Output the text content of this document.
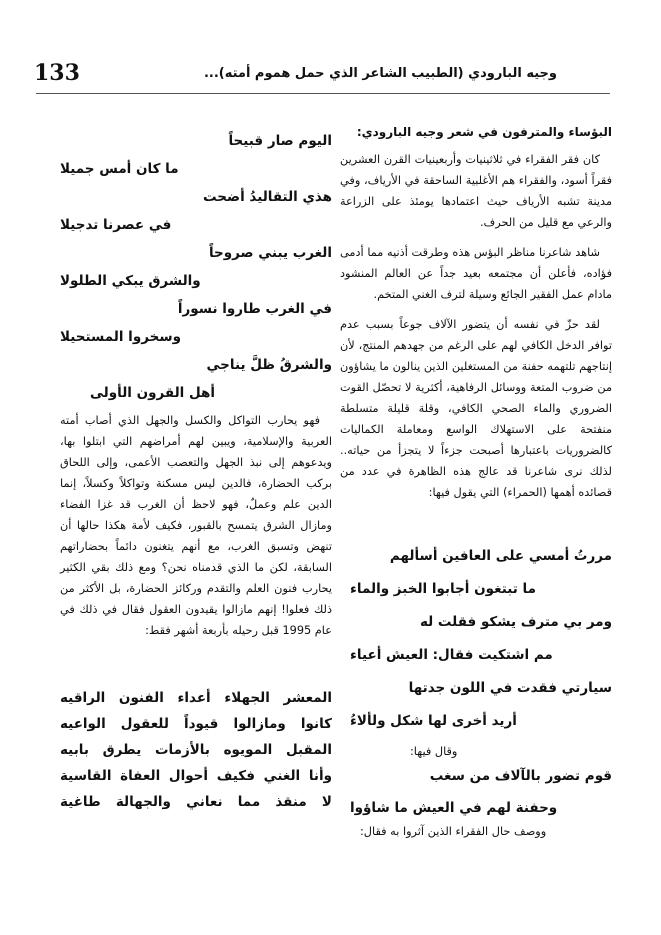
133	وجيه البارودي (الطبيب الشاعر الذي حمل هموم أمته)...
البؤساء والمترفون في شعر وجيه البارودي:

كان فقر الفقراء في ثلاثينيات وأربعينيات القرن العشرين فقراً أسود، والفقراء هم الأغلبية الساحقة في الأرياف، وفي مدينة تشبه الأرياف حيث اعتمادها يومئذ على الزراعة والرعي مع قليل من الحرف.

شاهد شاعرنا مناظر البؤس هذه وطرقت أذنيه مما أدمى فؤاده، فأعلن أن مجتمعه بعيد جداً عن العالم المنشود مادام عمل الفقير الجائع وسيلة لترف الغني المتخم.

لقد حزّ في نفسه أن يتضور الآلاف جوعاً بسبب عدم توافر الدخل الكافي لهم على الرغم من جهدهم المنتج، لأن إنتاجهم تلتهمه حفنة من المستغلين الذين ينالون ما يشاؤون من ضروب المتعة ووسائل الرفاهية، أكثرية لا تحصّل القوت الضروري والماء الصحي الكافي، وقلة قليلة متسلطة منفتحة على الاستهلاك الواسع ومعاملة الكماليات كالضروريات باعتبارها أصبحت جزءاً لا يتجزأ من حياته.. لذلك نرى شاعرنا قد عالج هذه الظاهرة في عدد من قصائده أهمها (الحمراء) التي يقول فيها:

مررتُ أمسي على العافين أسألهم
ما تبتغون أجابوا الخبز والماء
ومر بي مترف يشكو فقلت له
مم اشتكيت فقال: العيش أعياء
سيارتي فقدت في اللون جدتها
أريد أخرى لها شكل ولألاءُ
وقال فيها:
قوم تضور بالآلاف من سغب
وحفنة لهم في العيش ما شاؤوا
ووصف حال الفقراء الذين آثروا به فقال:
اليوم صار قبيحاً
ما كان أمس جميلا
هذي التقاليدُ أضحت
في عصرنا تدجيلا
الغرب يبني صروحاً
والشرق يبكي الطلولا
في الغرب طاروا نسوراً
وسخروا المستحيلا
والشرقُ ظلَّ يناجي
أهل القرون الأولى

فهو يحارب التواكل والكسل والجهل الذي أصاب أمته العربية والإسلامية، ويبين لهم أمراضهم التي ابتلوا بها، ويدعوهم إلى نبذ الجهل والتعصب الأعمى، وإلى اللحاق بركب الحضارة، فالدين ليس مسكنة وتواكلاً وكسلاً، إنما الدين علم وعملٌ، فهو لاحظ أن الغرب قد غزا الفضاء ومازال الشرق يتمسح بالقبور، فكيف لأمة هكذا حالها أن تنهض وتسبق الغرب، مع أنهم يتغنون دائماً بحضاراتهم السابقة، لكن ما الذي قدمناه نحن؟ ومع ذلك بقي الكثير يحارب فنون العلم والتقدم وركائز الحضارة، بل الأكثر من ذلك فعلوا! إنهم مازالوا يقيدون العقول فقال في ذلك في عام 1995 قبل رحيله بأربعة أشهر فقط:

المعشر الجهلاء أعداء الفنون الراقيه
كانوا ومازالوا قيوداً للعقول الواعيه
المقبل المويوه بالأزمات يطرق بابيه
وأنا الغني فكيف أحوال العفاة القاسية
لا منقذ مما نعاني والجهالة طاغية
